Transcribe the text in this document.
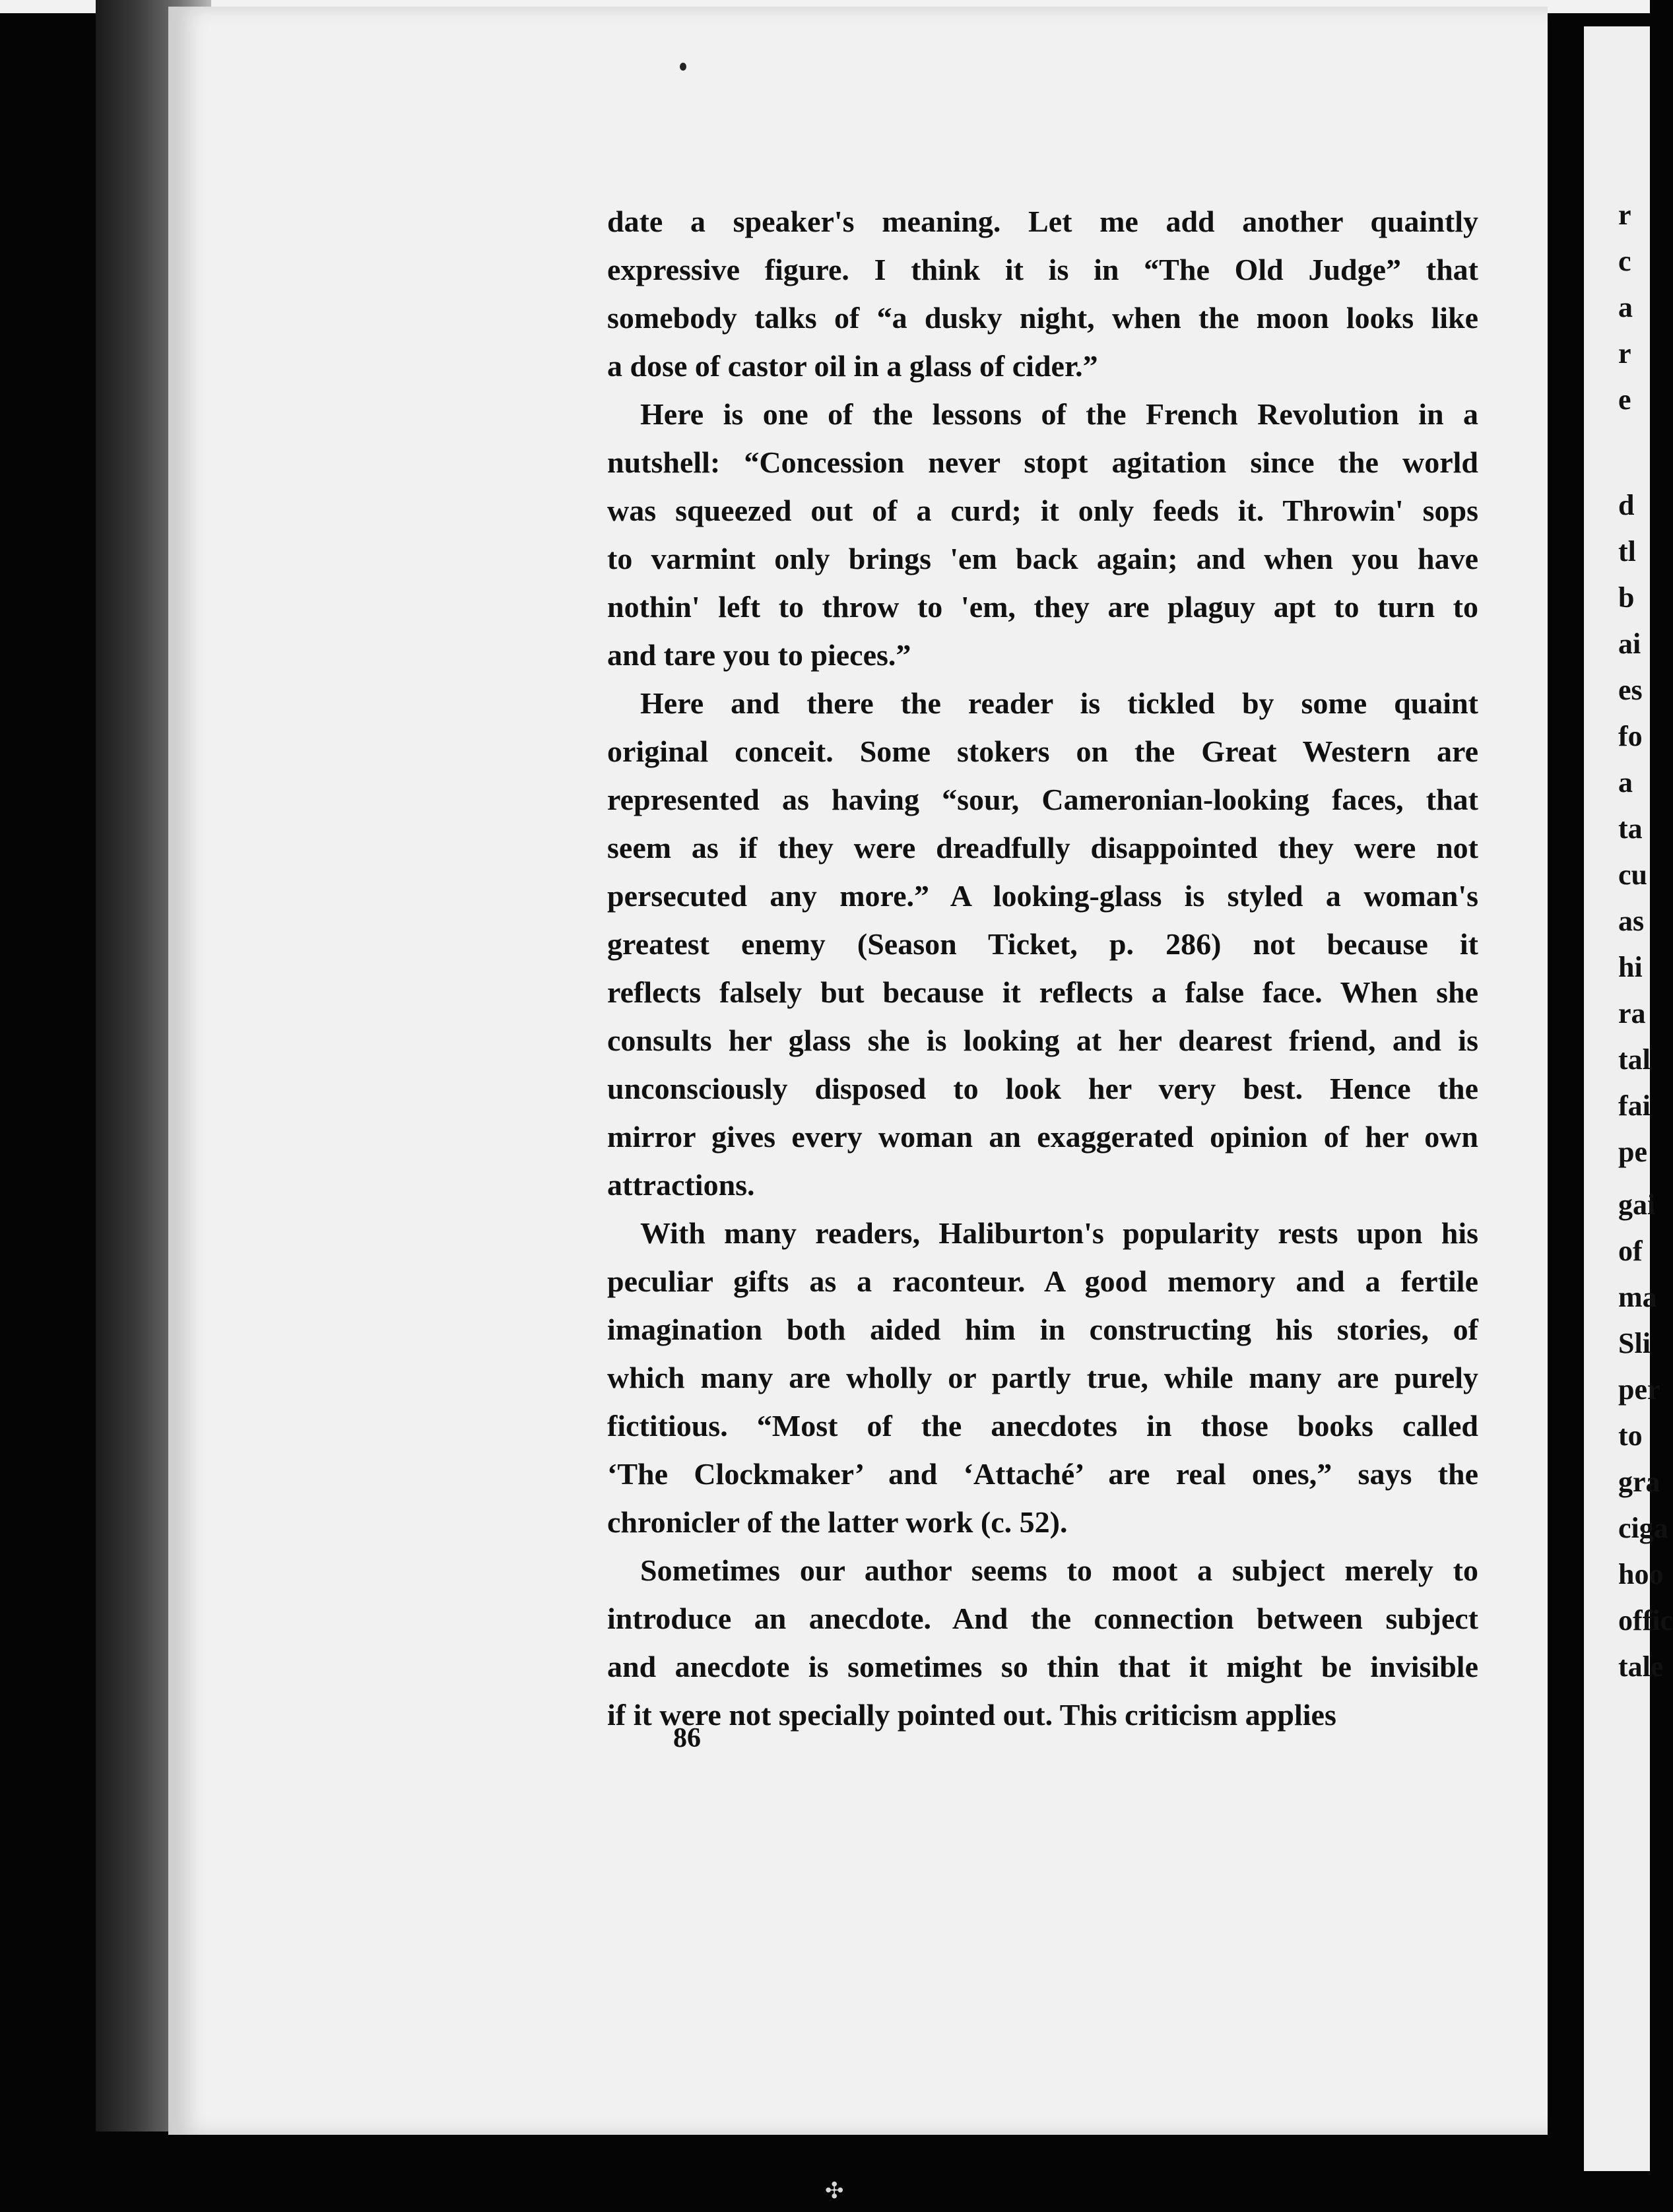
date a speaker's meaning. Let me add another quaintly
expressive figure. I think it is in “The Old Judge” that
somebody talks of “a dusky night, when the moon looks like
a dose of castor oil in a glass of cider.”
Here is one of the lessons of the French Revolution in a
nutshell: “Concession never stopt agitation since the world
was squeezed out of a curd; it only feeds it. Throwin' sops
to varmint only brings 'em back again; and when you have
nothin' left to throw to 'em, they are plaguy apt to turn to
and tare you to pieces.”
Here and there the reader is tickled by some quaint
original conceit. Some stokers on the Great Western are
represented as having “sour, Cameronian-looking faces, that
seem as if they were dreadfully disappointed they were not
persecuted any more.” A looking-glass is styled a woman's
greatest enemy (Season Ticket, p. 286) not because it
reflects falsely but because it reflects a false face. When she
consults her glass she is looking at her dearest friend, and is
unconsciously disposed to look her very best. Hence the
mirror gives every woman an exaggerated opinion of her own
attractions.
With many readers, Haliburton's popularity rests upon his
peculiar gifts as a raconteur. A good memory and a fertile
imagination both aided him in constructing his stories, of
which many are wholly or partly true, while many are purely
fictitious. “Most of the anecdotes in those books called
‘The Clockmaker’ and ‘Attaché’ are real ones,” says the
chronicler of the latter work (c. 52).
Sometimes our author seems to moot a subject merely to
introduce an anecdote. And the connection between subject
and anecdote is sometimes so thin that it might be invisible
if it were not specially pointed out. This criticism applies
86
r
c
a
r
e
d
tl
b
ai
es
fo
a
ta
cu
as
hi
ra
tal
fai
pe
gai
of
ma
Sli
per
to
gra
ciga
hoo
offic
tale
✣
